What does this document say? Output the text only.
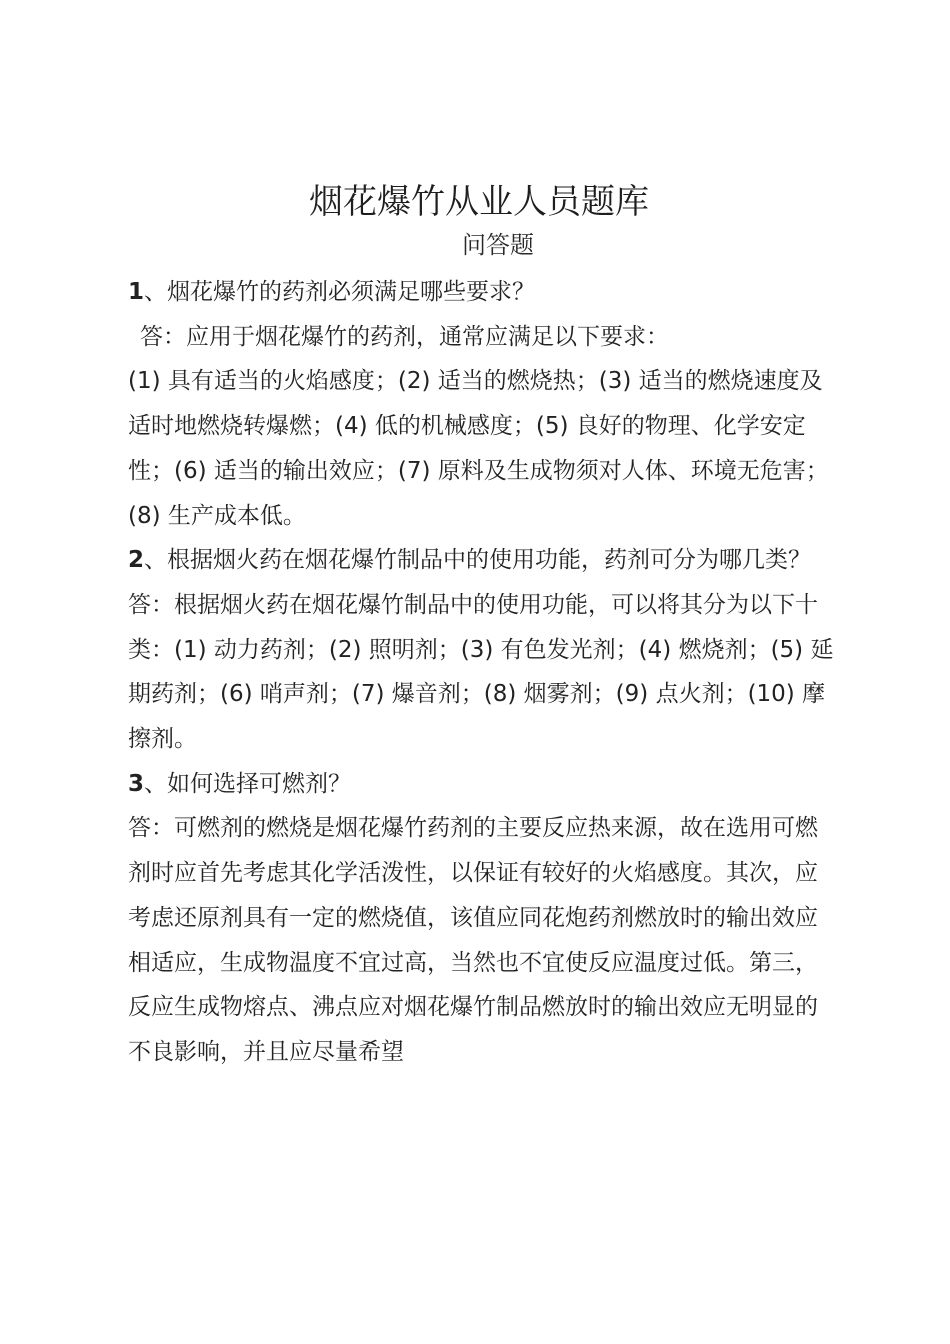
烟花爆竹从业人员题库
问答题

1、烟花爆竹的药剂必须满足哪些要求？

答：应用于烟花爆竹的药剂，通常应满足以下要求：

(1) 具有适当的火焰感度；(2) 适当的燃烧热；(3) 适当的燃烧速度及适时地燃烧转爆燃；(4) 低的机械感度；(5) 良好的物理、化学安定性；(6) 适当的输出效应；(7) 原料及生成物须对人体、环境无危害；(8) 生产成本低。

2、根据烟火药在烟花爆竹制品中的使用功能，药剂可分为哪几类？

答：根据烟火药在烟花爆竹制品中的使用功能，可以将其分为以下十类：(1) 动力药剂；(2) 照明剂；(3) 有色发光剂；(4) 燃烧剂；(5) 延期药剂；(6) 哨声剂；(7) 爆音剂；(8) 烟雾剂；(9) 点火剂；(10) 摩擦剂。

3、如何选择可燃剂？

答：可燃剂的燃烧是烟花爆竹药剂的主要反应热来源，故在选用可燃剂时应首先考虑其化学活泼性，以保证有较好的火焰感度。其次，应考虑还原剂具有一定的燃烧值，该值应同花炮药剂燃放时的输出效应相适应，生成物温度不宜过高，当然也不宜使反应温度过低。第三，反应生成物熔点、沸点应对烟花爆竹制品燃放时的输出效应无明显的不良影响，并且应尽量希望
